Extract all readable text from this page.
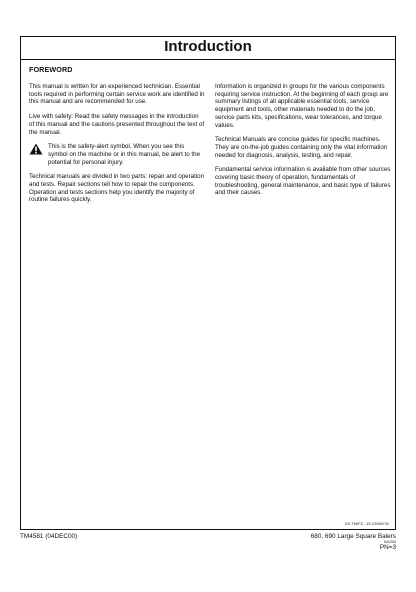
Introduction
FOREWORD

This manual is written for an experienced technician. Essential tools required in performing certain service work are identified in this manual and are recommended for use.

Live with safety: Read the safety messages in the introduction of this manual and the cautions presented throughout the text of the manual.

This is the safety-alert symbol. When you see this symbol on the machine or in this manual, be alert to the potential for personal injury.

Technical manuals are divided in two parts: repair and operation and tests. Repair sections tell how to repair the components. Operation and tests sections help you identify the majority of routine failures quickly.

Information is organized in groups for the various components requiring service instruction. At the beginning of each group are summary listings of all applicable essential tools, service equipment and tools, other materials needed to do the job, service parts kits, specifications, wear tolerances, and torque values.

Technical Manuals are concise guides for specific machines. They are on-the-job guides containing only the vital information needed for diagnosis, analysis, testing, and repair.

Fundamental service information is available from other sources covering basic theory of operation, fundamentals of troubleshooting, general maintenance, and basic type of failures and their causes.

DX,TMIFC -19-22MAY92
TM4581 (04DEC00)	680, 690 Large Square Balers
041200
PN=3
